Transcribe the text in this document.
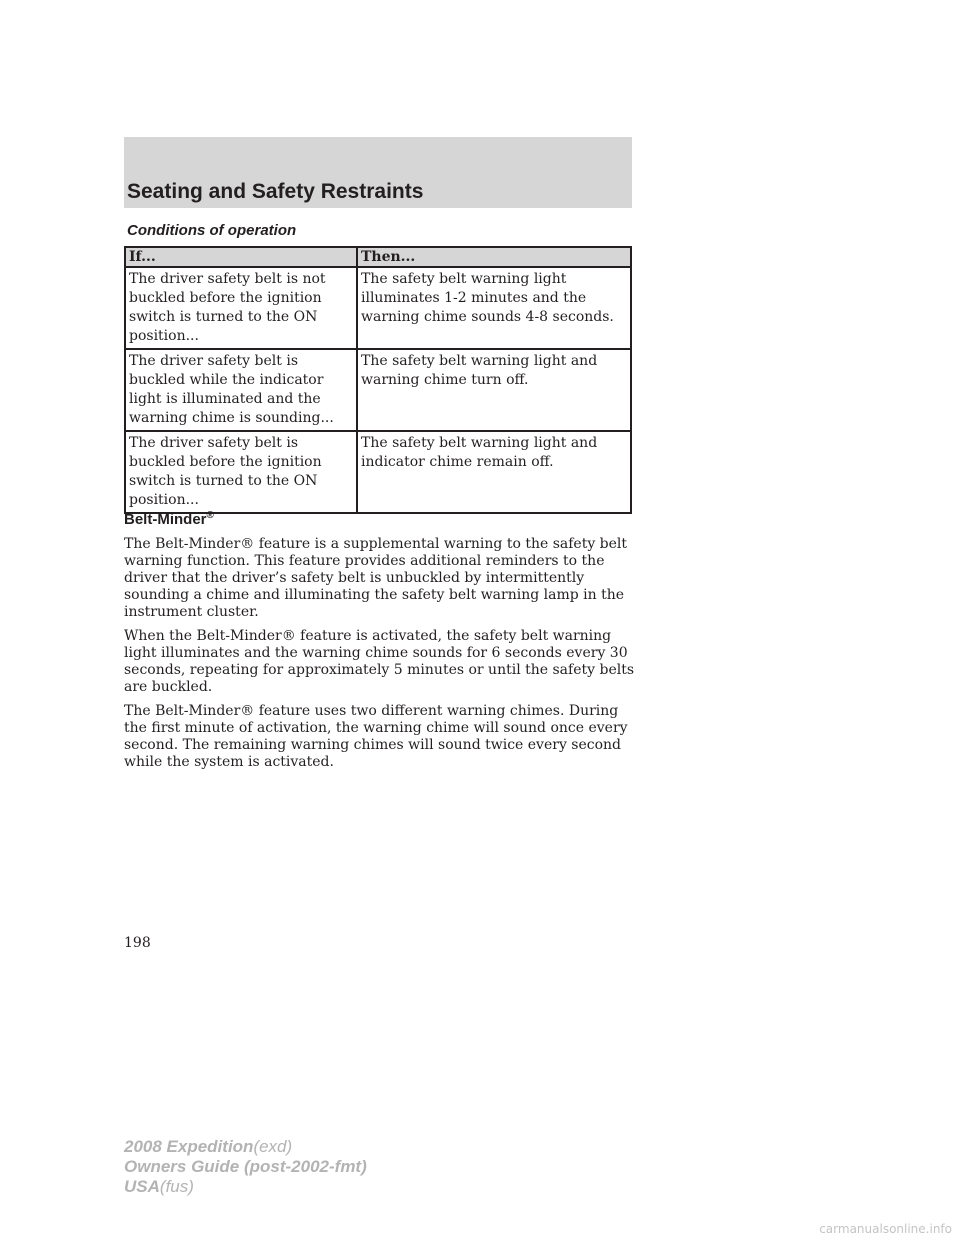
Seating and Safety Restraints
Conditions of operation
If...	Then...
The driver safety belt is not buckled before the ignition switch is turned to the ON position...	The safety belt warning light illuminates 1-2 minutes and the warning chime sounds 4-8 seconds.
The driver safety belt is buckled while the indicator light is illuminated and the warning chime is sounding...	The safety belt warning light and warning chime turn off.
The driver safety belt is buckled before the ignition switch is turned to the ON position...	The safety belt warning light and indicator chime remain off.
Belt-Minder®

The Belt-Minder® feature is a supplemental warning to the safety belt warning function. This feature provides additional reminders to the driver that the driver’s safety belt is unbuckled by intermittently sounding a chime and illuminating the safety belt warning lamp in the instrument cluster.

When the Belt-Minder® feature is activated, the safety belt warning light illuminates and the warning chime sounds for 6 seconds every 30 seconds, repeating for approximately 5 minutes or until the safety belts are buckled.

The Belt-Minder® feature uses two different warning chimes. During the first minute of activation, the warning chime will sound once every second. The remaining warning chimes will sound twice every second while the system is activated.

198

2008 Expedition(exd)
Owners Guide (post-2002-fmt)
USA(fus)
carmanualsonline.info
